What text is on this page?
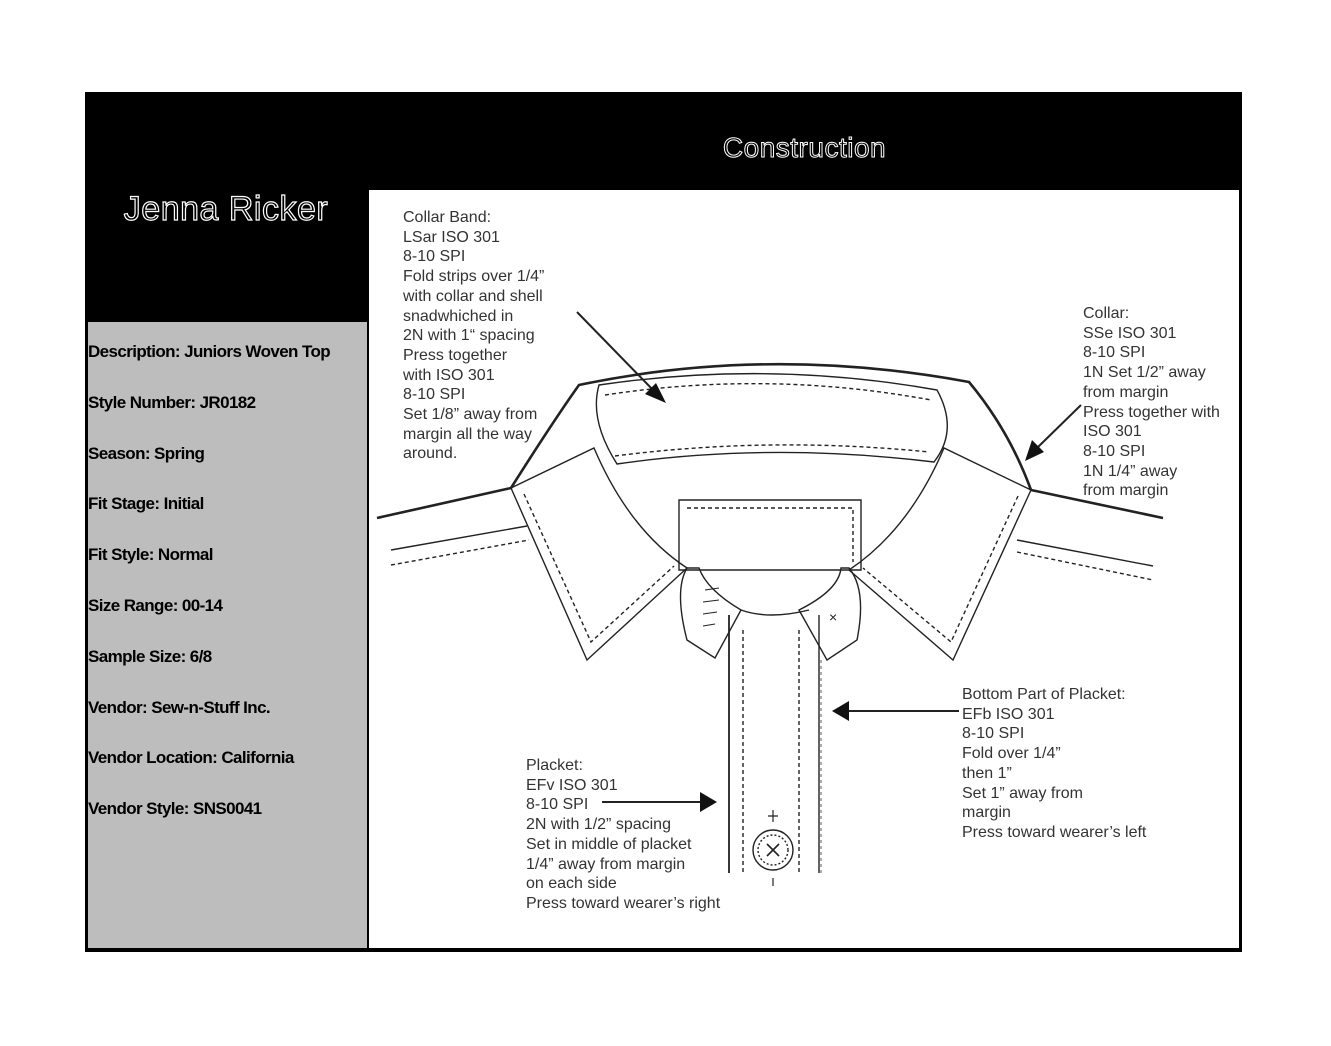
Construction
Jenna Ricker
Description: Juniors Woven Top
Style Number: JR0182
Season: Spring
Fit Stage: Initial
Fit Style: Normal
Size Range: 00-14
Sample Size: 6/8
Vendor: Sew-n-Stuff Inc.
Vendor Location: California
Vendor Style: SNS0041
×
Collar Band:
LSar ISO 301
8-10 SPI
Fold strips over 1/4”
with collar and shell
snadwhiched in
2N with 1“ spacing
Press together
with ISO 301
8-10 SPI
Set 1/8” away from
margin all the way
around.
Collar:
SSe ISO 301
8-10 SPI
1N Set 1/2” away
from margin
Press together with
ISO 301
8-10 SPI
1N 1/4” away
from margin
Bottom Part of Placket:
EFb ISO 301
8-10 SPI
Fold over 1/4”
then 1”
Set 1” away from
margin
Press toward wearer’s left
Placket:
EFv ISO 301
8-10 SPI
2N with 1/2” spacing
Set in middle of placket
1/4” away from margin
on each side
Press toward wearer’s right
